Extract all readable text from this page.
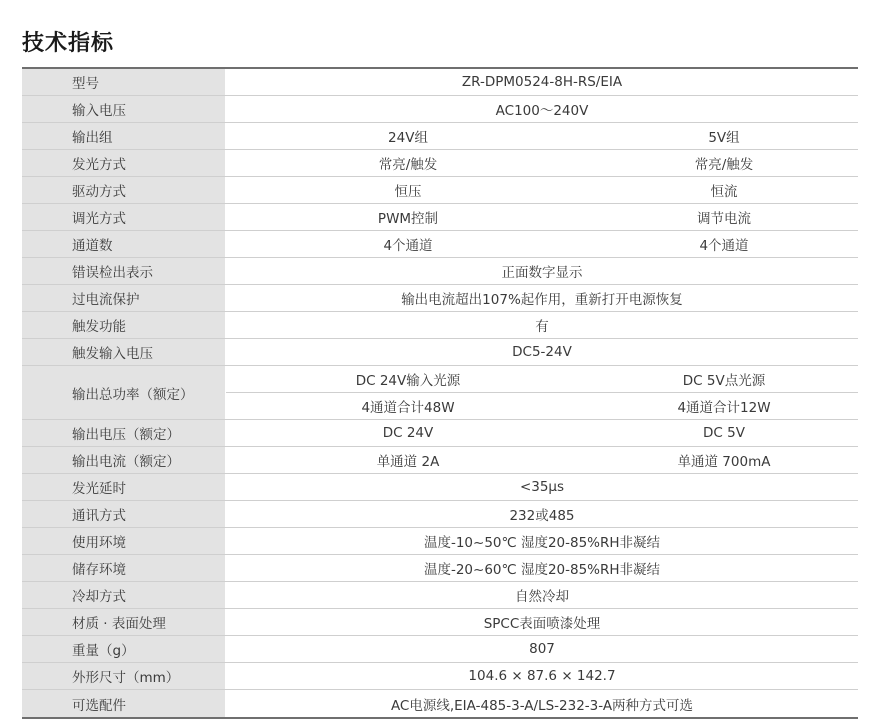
技术指标
型号	ZR-DPM0524-8H-RS/EIA
输入电压	AC100～240V
输出组	24V组	5V组
发光方式	常亮/触发	常亮/触发
驱动方式	恒压	恒流
调光方式	PWM控制	调节电流
通道数	4个通道	4个通道
错误检出表示	正面数字显示
过电流保护	输出电流超出107%起作用，重新打开电源恢复
触发功能	有
触发输入电压	DC5-24V
输出总功率（额定）
DC 24V输入光源	DC 5V点光源
4通道合计48W	4通道合计12W
输出电压（额定）	DC 24V	DC 5V
输出电流（额定）	单通道 2A	单通道 700mA
发光延时	<35μs
通讯方式	232或485
使用环境	温度-10~50℃ 湿度20-85%RH非凝结
储存环境	温度-20~60℃ 湿度20-85%RH非凝结
冷却方式	自然冷却
材质 · 表面处理	SPCC表面喷漆处理
重量（g）	807
外形尺寸（mm）	104.6 × 87.6 × 142.7
可选配件	AC电源线,EIA-485-3-A/LS-232-3-A两种方式可选
